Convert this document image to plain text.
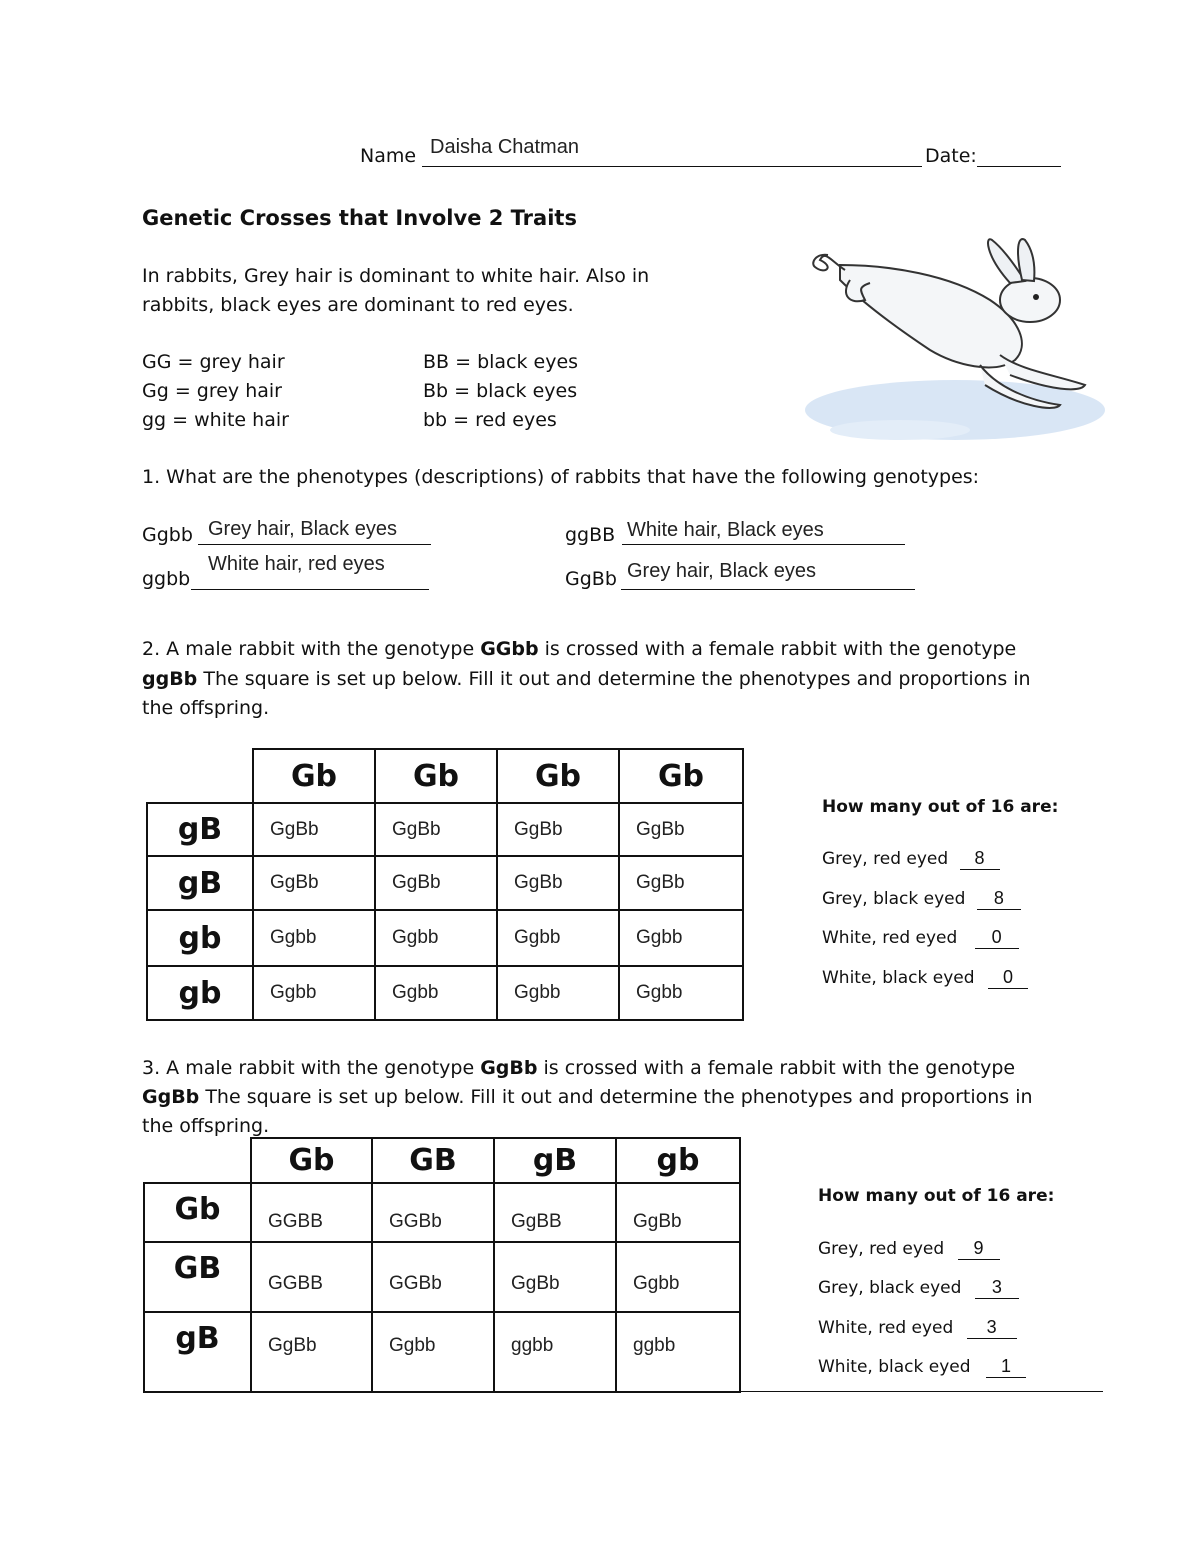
Name Daisha Chatman	Date:
Genetic Crosses that Involve 2 Traits
In rabbits, Grey hair is dominant to white hair. Also in
rabbits, black eyes are dominant to red eyes.
GG = grey hair
Gg = grey hair
gg = white hair
BB = black eyes
Bb = black eyes
bb = red eyes
1. What are the phenotypes (descriptions) of rabbits that have the following genotypes:
Ggbb Grey hair, Black eyes
ggbb
White hair, red eyes
ggBB White hair, Black eyes
GgBb Grey hair, Black eyes
2. A male rabbit with the genotype GGbb is crossed with a female rabbit with the genotype
ggBb The square is set up below. Fill it out and determine the phenotypes and proportions in
the offspring.
	Gb	Gb	Gb	Gb
gB	GgBb	GgBb	GgBb	GgBb
gB	GgBb	GgBb	GgBb	GgBb
gb	Ggbb	Ggbb	Ggbb	Ggbb
gb	Ggbb	Ggbb	Ggbb	Ggbb
How many out of 16 are:
Grey, red eyed 8
Grey, black eyed 8
White, red eyed 0
White, black eyed 0
3. A male rabbit with the genotype GgBb is crossed with a female rabbit with the genotype
GgBb The square is set up below. Fill it out and determine the phenotypes and proportions in
the offspring.
	Gb	GB	gB	gb
Gb	GGBB	GGBb	GgBB	GgBb
GB	GGBB	GGBb	GgBb	Ggbb
gB	GgBb	Ggbb	ggbb	ggbb
How many out of 16 are:
Grey, red eyed 9
Grey, black eyed 3
White, red eyed 3
White, black eyed 1
